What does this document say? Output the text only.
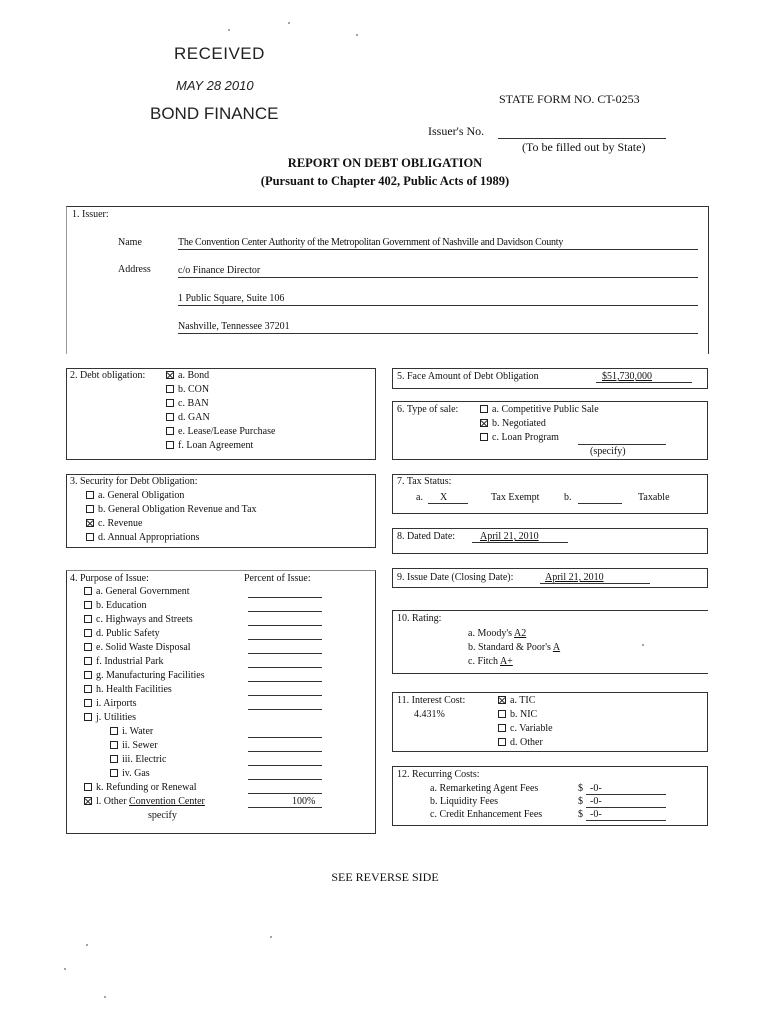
RECEIVED
MAY 28 2010
BOND FINANCE
STATE FORM NO. CT-0253
Issuer's No.
(To be filled out by State)
REPORT ON DEBT OBLIGATION
(Pursuant to Chapter 402, Public Acts of 1989)
1. Issuer:
Name	The Convention Center Authority of the Metropolitan Government of Nashville and Davidson County
Address	c/o Finance Director
1 Public Square, Suite 106
Nashville, Tennessee 37201
2. Debt obligation:	a. Bond
b. CON
c. BAN
d. GAN
e. Lease/Lease Purchase
f. Loan Agreement
5. Face Amount of Debt Obligation	$51,730,000
6. Type of sale:	a. Competitive Public Sale
b. Negotiated
c. Loan Program
(specify)
3. Security for Debt Obligation:
a. General Obligation
b. General Obligation Revenue and Tax
c. Revenue
d. Annual Appropriations
7. Tax Status:
a. X	Tax Exempt b.	Taxable
8. Dated Date: April 21, 2010
4. Purpose of Issue:	Percent of Issue:
a. General Government
b. Education
c. Highways and Streets
d. Public Safety
e. Solid Waste Disposal
f. Industrial Park
g. Manufacturing Facilities
h. Health Facilities
i. Airports
j. Utilities
i. Water
ii. Sewer
iii. Electric
iv. Gas
k. Refunding or Renewal
l. Other Convention Center	100%
specify
9. Issue Date (Closing Date):	April 21, 2010
10. Rating:
a. Moody's A2
b. Standard & Poor's A
c. Fitch A+
11. Interest Cost:
4.431%
a. TIC
b. NIC
c. Variable
d. Other
12. Recurring Costs:
a. Remarketing Agent Fees	$ -0-
b. Liquidity Fees	$ -0-
c. Credit Enhancement Fees	$ -0-
SEE REVERSE SIDE
